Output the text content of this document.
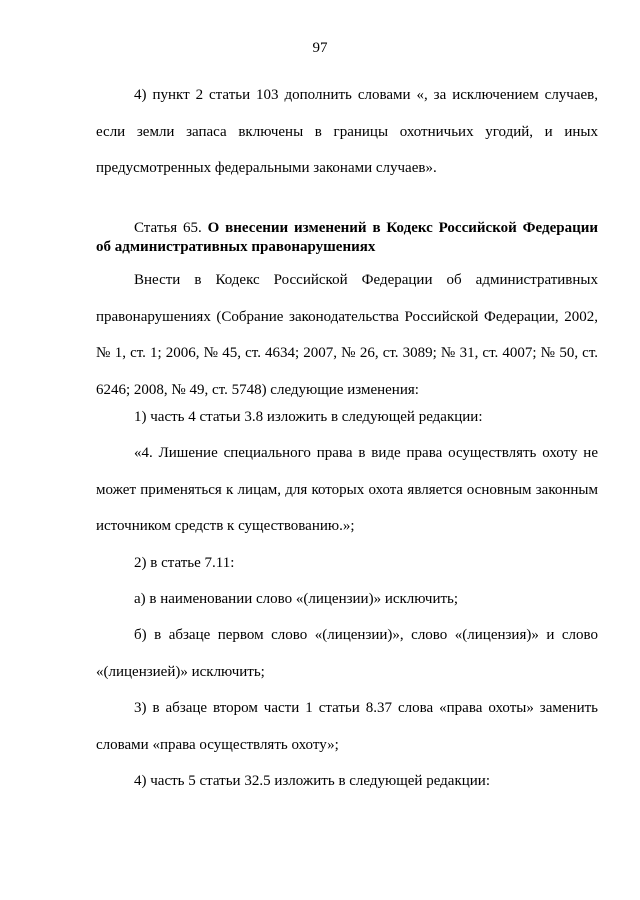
97

4) пункт 2 статьи 103 дополнить словами «, за исключением случаев, если земли запаса включены в границы охотничьих угодий, и иных предусмотренных федеральными законами случаев».

Статья 65. О внесении изменений в Кодекс Российской Федерации об административных правонарушениях

Внести в Кодекс Российской Федерации об административных правонарушениях (Собрание законодательства Российской Федерации, 2002, № 1, ст. 1; 2006, № 45, ст. 4634; 2007, № 26, ст. 3089; № 31, ст. 4007; № 50, ст. 6246; 2008, № 49, ст. 5748) следующие изменения:

1) часть 4 статьи 3.8 изложить в следующей редакции:

«4. Лишение специального права в виде права осуществлять охоту не может применяться к лицам, для которых охота является основным законным источником средств к существованию.»;

2) в статье 7.11:

а) в наименовании слово «(лицензии)» исключить;

б) в абзаце первом слово «(лицензии)», слово «(лицензия)» и слово «(лицензией)» исключить;

3) в абзаце втором части 1 статьи 8.37 слова «права охоты» заменить словами «права осуществлять охоту»;

4) часть 5 статьи 32.5 изложить в следующей редакции:
